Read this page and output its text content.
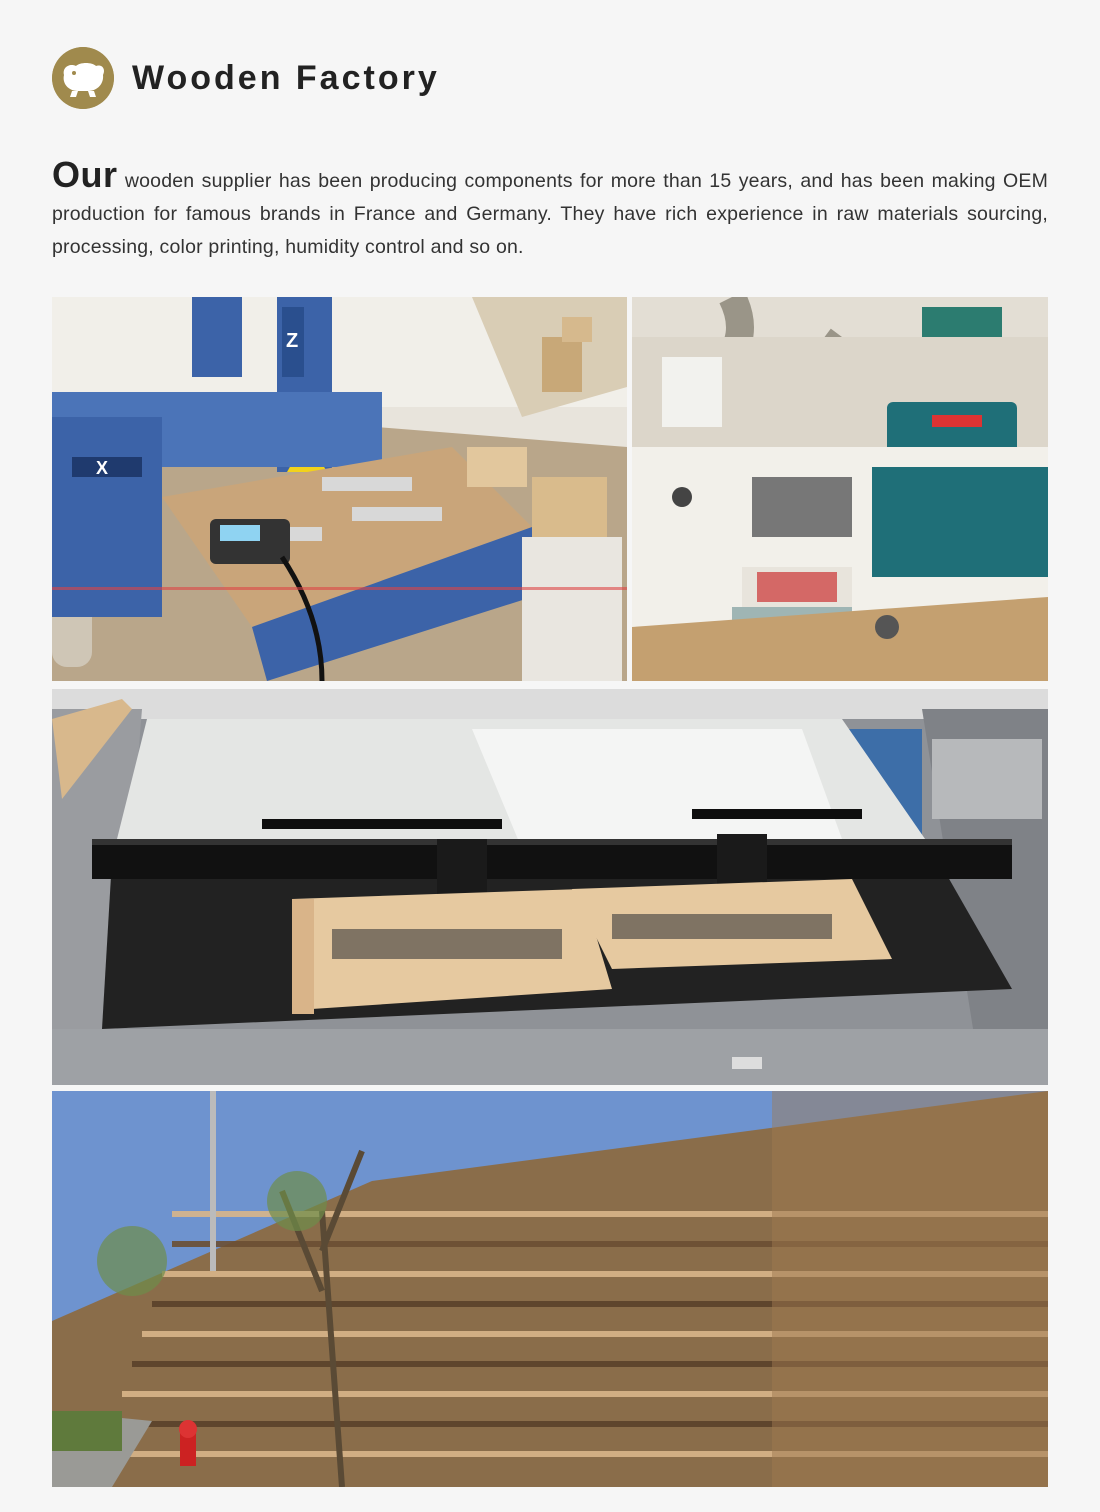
Wooden Factory
Our wooden supplier has been producing components for more than 15 years, and has been making OEM production for famous brands in France and Germany. They have rich experience in raw materials sourcing, processing, color printing, humidity control and so on.
Z
X
